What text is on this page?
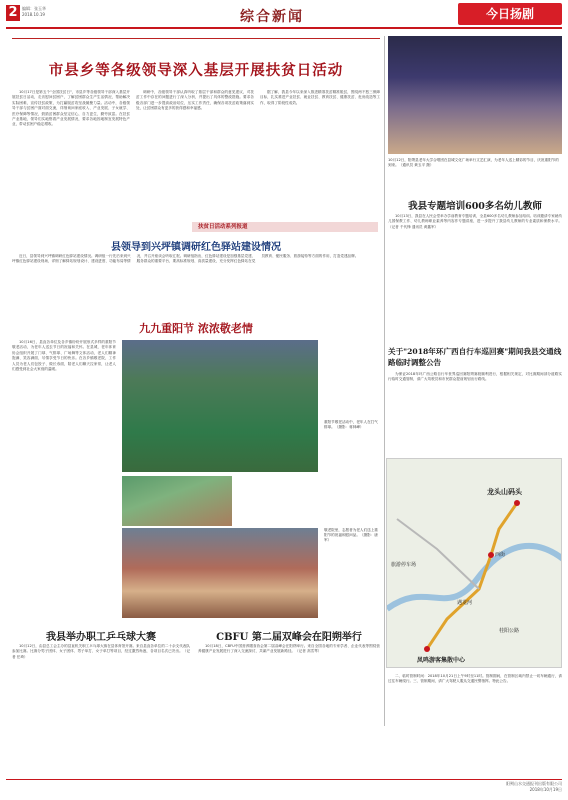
2	编辑：张玉华
2018.10.19	综合新闻	今日扬剧
市县乡等各级领导深入基层开展扶贫日活动

10月17日是第五个"全国扶贫日"，市县乡等各级领导干部深入基层开展扶贫日活动，走访慰问贫困户，了解贫困群众生产生活情况，帮助解决实际困难，宣传扶贫政策，为打赢脱贫攻坚战凝聚力量。活动中，各级领导干部与贫困户面对面交流，详细询问家庭收入、产业发展、子女就学、医疗保障等情况，鼓励贫困群众坚定信心，自力更生，勤劳致富。在扶贫产业基地，领导们实地察看产业发展情况，要求各地因地制宜发展特色产业，带动贫困户稳定增收。

调研中，各级领导干部认真听取了基层干部和群众的意见建议，对扶贫工作中存在的问题进行了深入分析，并提出了具体的整改措施。要求各级各部门进一步提高政治站位，压实工作责任，确保各项扶贫政策落到实处，让贫困群众有更多的获得感和幸福感。

据了解，我县今年以来深入推进精准扶贫精准脱贫，围绕两不愁三保障目标，扎实推进产业扶贫、就业扶贫、教育扶贫、健康扶贫、危房改造等工作，取得了阶段性成效。

扶贫日活动系列报道
县领导到兴坪镇调研红色驿站建设情况

近日，县领导到兴坪镇调研红色驿站建设情况。调研组一行先后来到兴坪镇红色驿站建设现场，详细了解驿站规划设计、建设进度、功能布局等情况，并召开座谈会听取汇报。调研组指出，红色驿站建设是加强基层党建、服务群众的重要平台，要高标准规划、高质量建设，充分发挥红色驿站在党员教育、便民服务、旅游接待等方面的作用，打造党建品牌。

九九重阳节 浓浓敬老情

10月16日，县直各单位及各乡镇纷纷开展形式多样的重阳节敬老活动，为老年人送去节日的祝福和关怀。在县城，老年体育协会组织开展了门球、气排球、广场舞等文体活动，老人们精神饱满、笑容满面，尽情享受节日的快乐。在各乡镇敬老院，工作人员为老人们包饺子、做长寿面，陪老人们聊天拉家常，让老人们感受到社会大家庭的温暖。

重阳节敬老活动中，老年人在打气排球。（摄影：蒋林峰）
敬老院里，志愿者为老人们送上重阳节的祝福和慰问品。（摄影：唐军）
我县举办职工乒乓球大赛

10月12日，由县总工会主办的县直机关职工乒乓球大赛在县体育馆开赛。来自县直各单位的二十余支代表队参加比赛。比赛分男子团体、女子团体、男子单打、女子单打等项目，经过激烈角逐，各项目名次已决出。（记者 任琦）

CBFU 第二届双峰会在阳朔举行

10月18日，CBFU中国营养膳食协会第二届双峰会在阳朔举行。来自全国各地的专家学者、企业代表等围绕营养健康产业发展进行了深入交流探讨，共谋产业发展新路径。（记者 高雪琴）

10月12日，阳朔县老年大学合唱团在县城文化广场举行文艺汇演，为老年人送上精彩的节目，庆祝重阳节的到来。（通讯员 黄玉平 摄）
我县专题培训600多名幼儿教师

10月13日，我县在人民会堂举办学前教育专题培训，全县600多名幼儿教师参加培训。培训邀请专家就幼儿园保教工作、幼儿教师职业素养等内容作专题讲座，进一步提升了我县幼儿教师的专业素质和保教水平。（记者 千代锋 通讯员 黄鑫军）

关于"2018年环广西自行车巡回赛"期间我县交通线路临时调整公告

为保证2018年环广西公路自行车世界巡回赛阳朔赛段顺利进行，根据相关规定，对比赛期间部分道路实行临时交通管制，请广大驾驶员和市民群众提前规划出行路线。

龙头山码头
西街
旅游停车场
遇龙河
桂阳公路
凤鸣游客集散中心

二、临时管制时间：2018年10月21日上午9时至11时。管制期间，在管制区域内禁止一切车辆通行，请过往车辆绕行。三、管制期间，请广大驾驶人服从交通民警指挥。特此公告。

阳朔山水交通报刊出版有限公司
2018年10月19日
